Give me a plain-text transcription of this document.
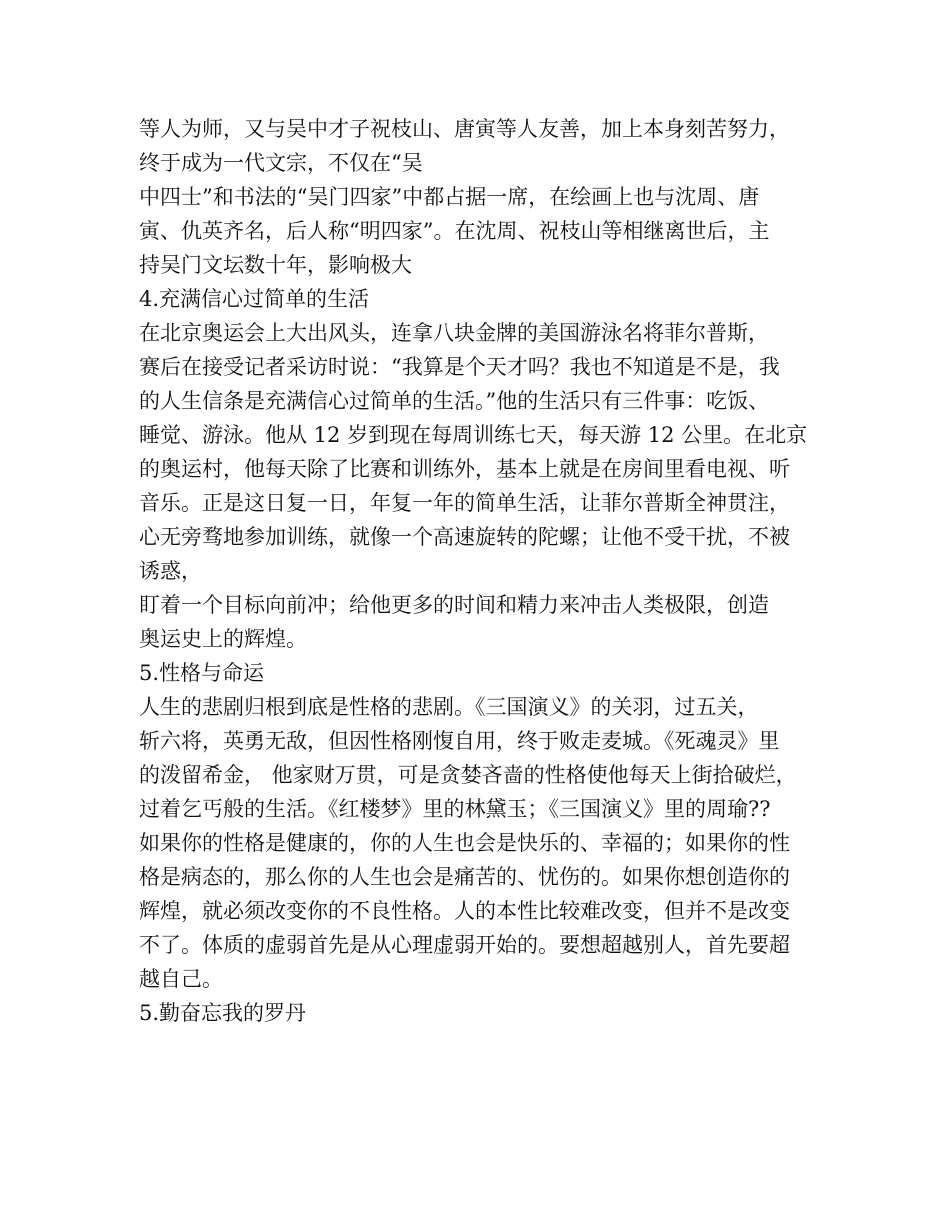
等人为师，又与吴中才子祝枝山、唐寅等人友善，加上本身刻苦努力，
终于成为一代文宗，不仅在“吴
中四士”和书法的“吴门四家”中都占据一席，在绘画上也与沈周、唐
寅、仇英齐名，后人称“明四家”。在沈周、祝枝山等相继离世后，主
持吴门文坛数十年，影响极大
4.充满信心过简单的生活
在北京奥运会上大出风头，连拿八块金牌的美国游泳名将菲尔普斯，
赛后在接受记者采访时说：“我算是个天才吗？我也不知道是不是，我
的人生信条是充满信心过简单的生活。”他的生活只有三件事：吃饭、
睡觉、游泳。他从 12 岁到现在每周训练七天，每天游 12 公里。在北京
的奥运村，他每天除了比赛和训练外，基本上就是在房间里看电视、听
音乐。正是这日复一日，年复一年的简单生活，让菲尔普斯全神贯注，
心无旁骛地参加训练，就像一个高速旋转的陀螺；让他不受干扰，不被
诱惑，
盯着一个目标向前冲；给他更多的时间和精力来冲击人类极限，创造
奥运史上的辉煌。
5.性格与命运
人生的悲剧归根到底是性格的悲剧。《三国演义》的关羽，过五关，
斩六将，英勇无敌，但因性格刚愎自用，终于败走麦城。《死魂灵》里
的泼留希金， 他家财万贯，可是贪婪吝啬的性格使他每天上街拾破烂，
过着乞丐般的生活。《红楼梦》里的林黛玉；《三国演义》里的周瑜??
如果你的性格是健康的，你的人生也会是快乐的、幸福的；如果你的性
格是病态的，那么你的人生也会是痛苦的、忧伤的。如果你想创造你的
辉煌，就必须改变你的不良性格。人的本性比较难改变，但并不是改变
不了。体质的虚弱首先是从心理虚弱开始的。要想超越别人，首先要超
越自己。
5.勤奋忘我的罗丹
